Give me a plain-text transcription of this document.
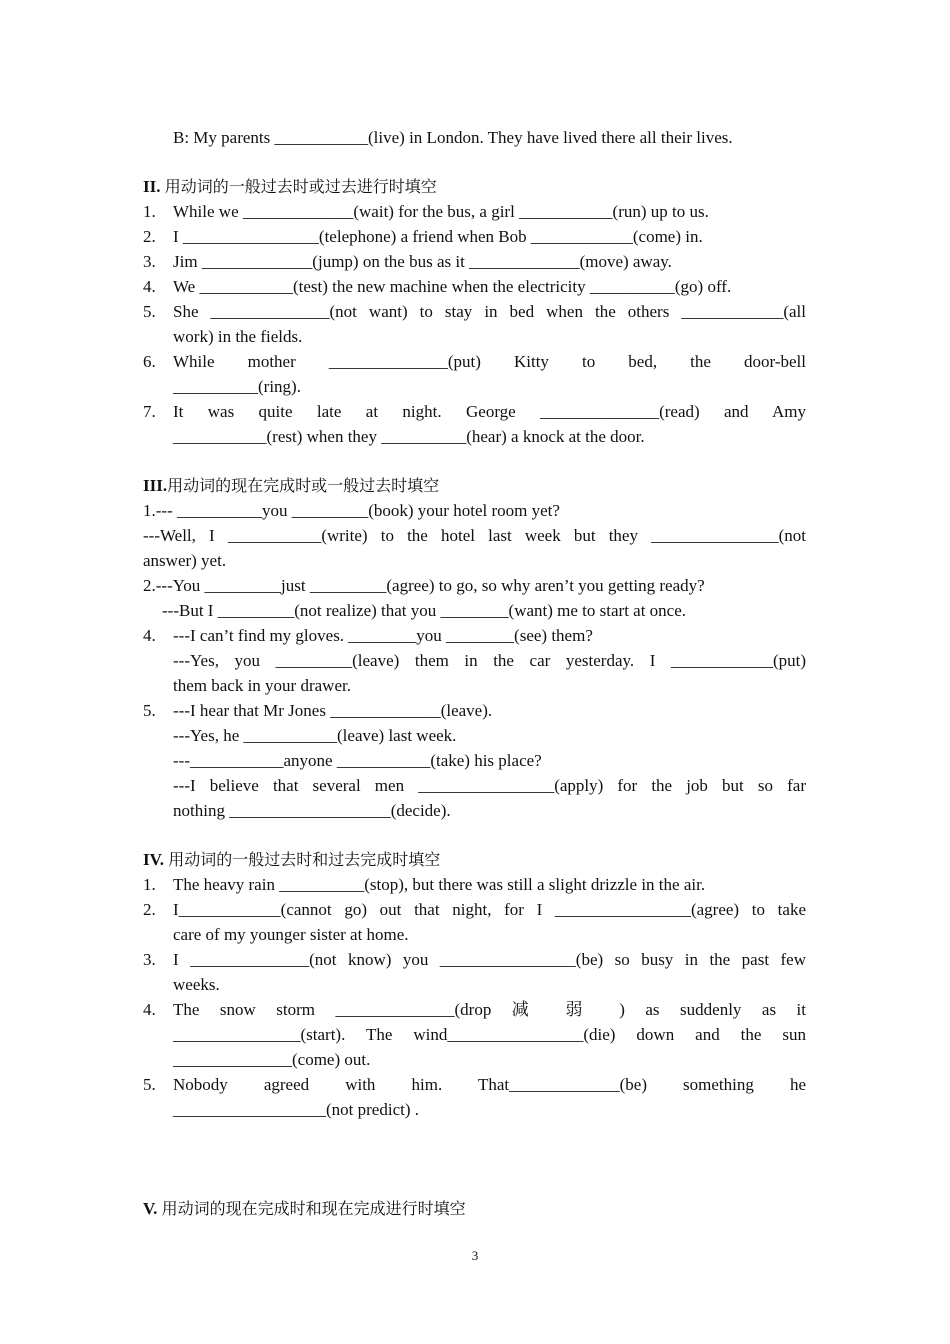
B: My parents ___________(live) in London. They have lived there all their lives.
II. 用动词的一般过去时或过去进行时填空
1.	While we _____________(wait) for the bus, a girl ___________(run) up to us.
2.	I ________________(telephone) a friend when Bob ____________(come) in.
3.	Jim _____________(jump) on the bus as it _____________(move) away.
4.	We ___________(test) the new machine when the electricity __________(go) off.
5.	She ______________(not want) to stay in bed when the others ____________(all
work) in the fields.
6.	While mother ______________(put) Kitty to bed, the door-bell
__________(ring).
7.	It was quite late at night. George ______________(read) and Amy
___________(rest) when they __________(hear) a knock at the door.
III.用动词的现在完成时或一般过去时填空
1.--- __________you _________(book) your hotel room yet?
---Well, I ___________(write) to the hotel last week but they _______________(not
answer) yet.
2.---You _________just _________(agree) to go, so why aren’t you getting ready?
---But I _________(not realize) that you ________(want) me to start at once.
4.	---I can’t find my gloves. ________you ________(see) them?
---Yes, you _________(leave) them in the car yesterday. I ____________(put)
them back in your drawer.
5.	---I hear that Mr Jones _____________(leave).
---Yes, he ___________(leave) last week.
---___________anyone ___________(take) his place?
---I believe that several men ________________(apply) for the job but so far
nothing ___________________(decide).
IV. 用动词的一般过去时和过去完成时填空
1.	The heavy rain __________(stop), but there was still a slight drizzle in the air.
2.	I____________(cannot go) out that night, for I ________________(agree) to take
care of my younger sister at home.
3.	I ______________(not know) you ________________(be) so busy in the past few
weeks.
4.	The snow storm ______________(drop 减 弱 ) as suddenly as it
_______________(start). The wind________________(die) down and the sun
______________(come) out.
5.	Nobody agreed with him. That_____________(be) something he
__________________(not predict) .
V. 用动词的现在完成时和现在完成进行时填空
3
